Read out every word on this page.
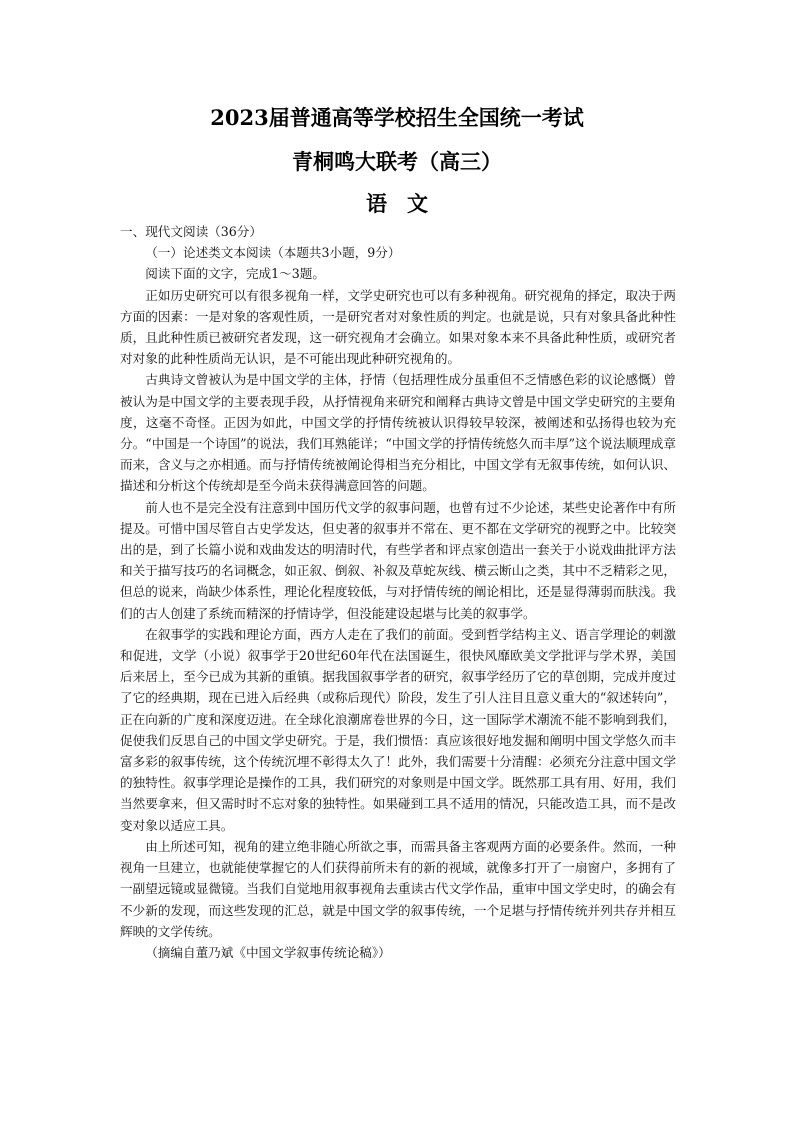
2023届普通高等学校招生全国统一考试
青桐鸣大联考（高三）
语文

一、现代文阅读（36分）

（一）论述类文本阅读（本题共3小题，9分）

阅读下面的文字，完成1～3题。

正如历史研究可以有很多视角一样，文学史研究也可以有多种视角。研究视角的择定，取决于两方面的因素：一是对象的客观性质，一是研究者对对象性质的判定。也就是说，只有对象具备此种性质，且此种性质已被研究者发现，这一研究视角才会确立。如果对象本来不具备此种性质，或研究者对对象的此种性质尚无认识，是不可能出现此种研究视角的。

古典诗文曾被认为是中国文学的主体，抒情（包括理性成分虽重但不乏情感色彩的议论感慨）曾被认为是中国文学的主要表现手段，从抒情视角来研究和阐释古典诗文曾是中国文学史研究的主要角度，这毫不奇怪。正因为如此，中国文学的抒情传统被认识得较早较深，被阐述和弘扬得也较为充分。“中国是一个诗国”的说法，我们耳熟能详；“中国文学的抒情传统悠久而丰厚”这个说法顺理成章而来，含义与之亦相通。而与抒情传统被阐论得相当充分相比，中国文学有无叙事传统，如何认识、描述和分析这个传统却是至今尚未获得满意回答的问题。

前人也不是完全没有注意到中国历代文学的叙事问题，也曾有过不少论述，某些史论著作中有所提及。可惜中国尽管自古史学发达，但史著的叙事并不常在、更不都在文学研究的视野之中。比较突出的是，到了长篇小说和戏曲发达的明清时代，有些学者和评点家创造出一套关于小说戏曲批评方法和关于描写技巧的名词概念，如正叙、倒叙、补叙及草蛇灰线、横云断山之类，其中不乏精彩之见，但总的说来，尚缺少体系性，理论化程度较低，与对抒情传统的阐论相比，还是显得薄弱而肤浅。我们的古人创建了系统而精深的抒情诗学，但没能建设起堪与比美的叙事学。

在叙事学的实践和理论方面，西方人走在了我们的前面。受到哲学结构主义、语言学理论的刺激和促进，文学（小说）叙事学于20世纪60年代在法国诞生，很快风靡欧美文学批评与学术界，美国后来居上，至今已成为其新的重镇。据我国叙事学者的研究，叙事学经历了它的草创期，完成并度过了它的经典期，现在已进入后经典（或称后现代）阶段，发生了引人注目且意义重大的“叙述转向”，正在向新的广度和深度迈进。在全球化浪潮席卷世界的今日，这一国际学术潮流不能不影响到我们，促使我们反思自己的中国文学史研究。于是，我们惯悟：真应该很好地发掘和阐明中国文学悠久而丰富多彩的叙事传统，这个传统沉埋不彰得太久了！此外，我们需要十分清醒：必须充分注意中国文学的独特性。叙事学理论是操作的工具，我们研究的对象则是中国文学。既然那工具有用、好用，我们当然要拿来，但又需时时不忘对象的独特性。如果碰到工具不适用的情况，只能改造工具，而不是改变对象以适应工具。

由上所述可知，视角的建立绝非随心所欲之事，而需具备主客观两方面的必要条件。然而，一种视角一旦建立，也就能使掌握它的人们获得前所未有的新的视域，就像多打开了一扇窗户，多拥有了一副望远镜或显微镜。当我们自觉地用叙事视角去重读古代文学作品，重审中国文学史时，的确会有不少新的发现，而这些发现的汇总，就是中国文学的叙事传统，一个足堪与抒情传统并列共存并相互辉映的文学传统。

（摘编自董乃斌《中国文学叙事传统论稿》）
